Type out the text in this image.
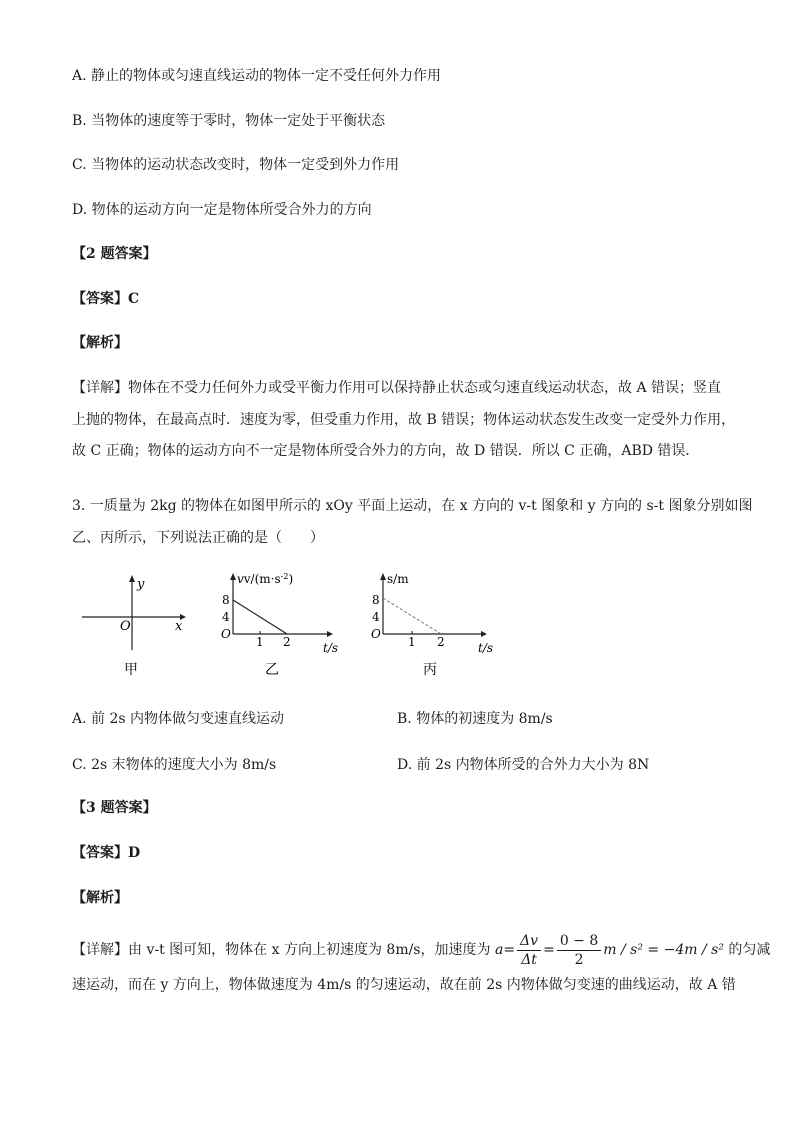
A. 静止的物体或匀速直线运动的物体一定不受任何外力作用
B. 当物体的速度等于零时，物体一定处于平衡状态
C. 当物体的运动状态改变时，物体一定受到外力作用
D. 物体的运动方向一定是物体所受合外力的方向
【2 题答案】
【答案】C
【解析】
【详解】物体在不受力任何外力或受平衡力作用可以保持静止状态或匀速直线运动状态，故 A 错误；竖直
上抛的物体，在最高点时．速度为零，但受重力作用，故 B 错误；物体运动状态发生改变一定受外力作用，
故 C 正确；物体的运动方向不一定是物体所受合外力的方向，故 D 错误．所以 C 正确，ABD 错误．
3. 一质量为 2kg 的物体在如图甲所示的 xOy 平面上运动，在 x 方向的 v-t 图象和 y 方向的 s-t 图象分别如图
乙、丙所示，下列说法正确的是（　　）
y
x
O
甲
$vv/(m\cdot s^{-2})$
8
4
O
1 2	t/s
乙
s/m
8
4
O
1 2	t/s
丙
A. 前 2s 内物体做匀变速直线运动	B. 物体的初速度为 8m/s
C. 2s 末物体的速度大小为 8m/s	D. 前 2s 内物体所受的合外力大小为 8N
【3 题答案】
【答案】D
【解析】
【详解】由 v-t 图可知，物体在 x 方向上初速度为 8m/s，加速度为 $a= \frac{\Delta v}{\Delta t} = \frac{0 - 8}{2}$ m / s² = −4m / s² 的匀减
速运动，而在 y 方向上，物体做速度为 4m/s 的匀速运动，故在前 2s 内物体做匀变速的曲线运动，故 A 错
